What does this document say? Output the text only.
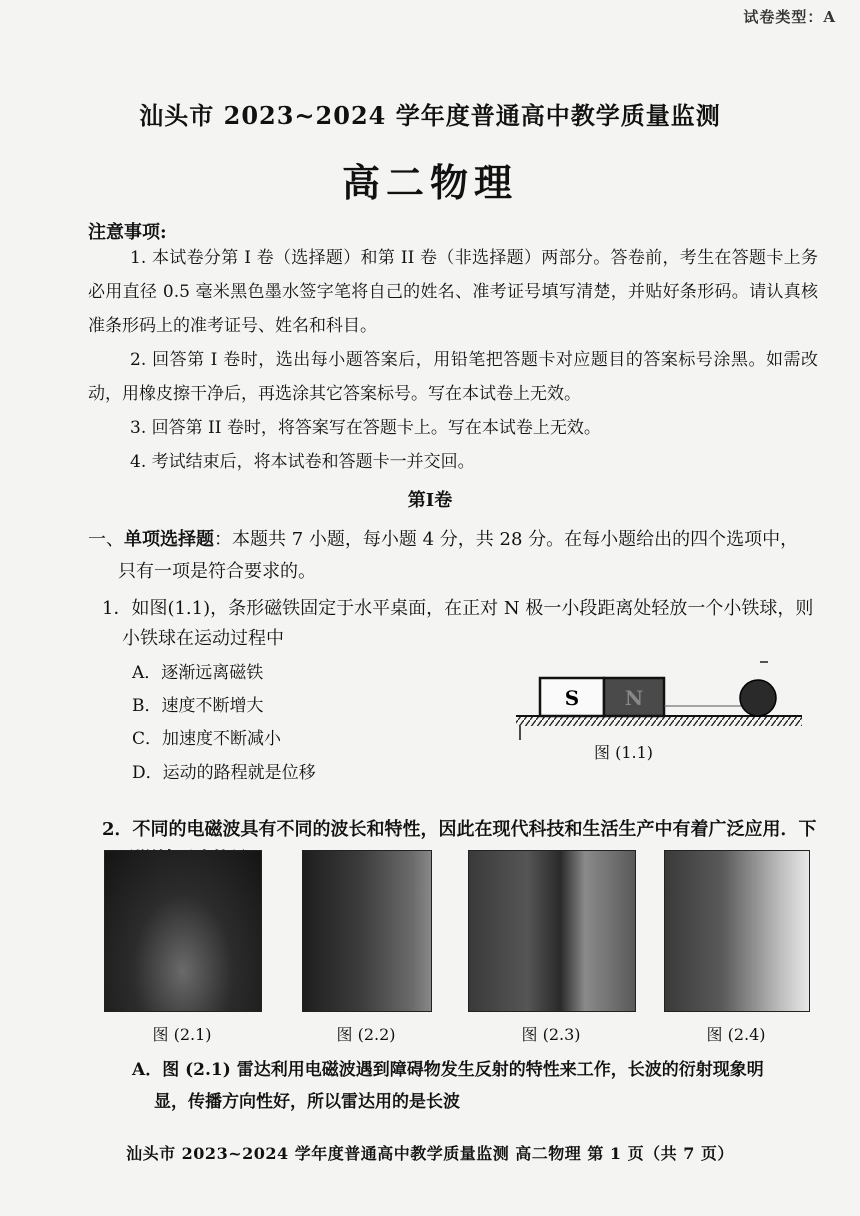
试卷类型：A
汕头市 2023~2024 学年度普通高中教学质量监测
高二物理
注意事项:
1. 本试卷分第 I 卷（选择题）和第 II 卷（非选择题）两部分。答卷前，考生在答题卡上务必用直径 0.5 毫米黑色墨水签字笔将自己的姓名、准考证号填写清楚，并贴好条形码。请认真核准条形码上的准考证号、姓名和科目。
2. 回答第 I 卷时，选出每小题答案后，用铅笔把答题卡对应题目的答案标号涂黑。如需改动，用橡皮擦干净后，再选涂其它答案标号。写在本试卷上无效。
3. 回答第 II 卷时，将答案写在答题卡上。写在本试卷上无效。
4. 考试结束后，将本试卷和答题卡一并交回。
第I卷
一、单项选择题：本题共 7 小题，每小题 4 分，共 28 分。在每小题给出的四个选项中，
只有一项是符合要求的。
1．如图(1.1)，条形磁铁固定于水平桌面，在正对 N 极一小段距离处轻放一个小铁球，则
小铁球在运动过程中
A．逐渐远离磁铁
B．速度不断增大
C．加速度不断减小
D．运动的路程就是位移
S N
图 (1.1)
2．不同的电磁波具有不同的波长和特性，因此在现代科技和生活生产中有着广泛应用．下
图 (2.1)	图 (2.2)	图 (2.3)	图 (2.4)
A．图 (2.1) 雷达利用电磁波遇到障碍物发生反射的特性来工作，长波的衍射现象明
显，传播方向性好，所以雷达用的是长波
汕头市 2023~2024 学年度普通高中教学质量监测 高二物理 第 1 页（共 7 页）
